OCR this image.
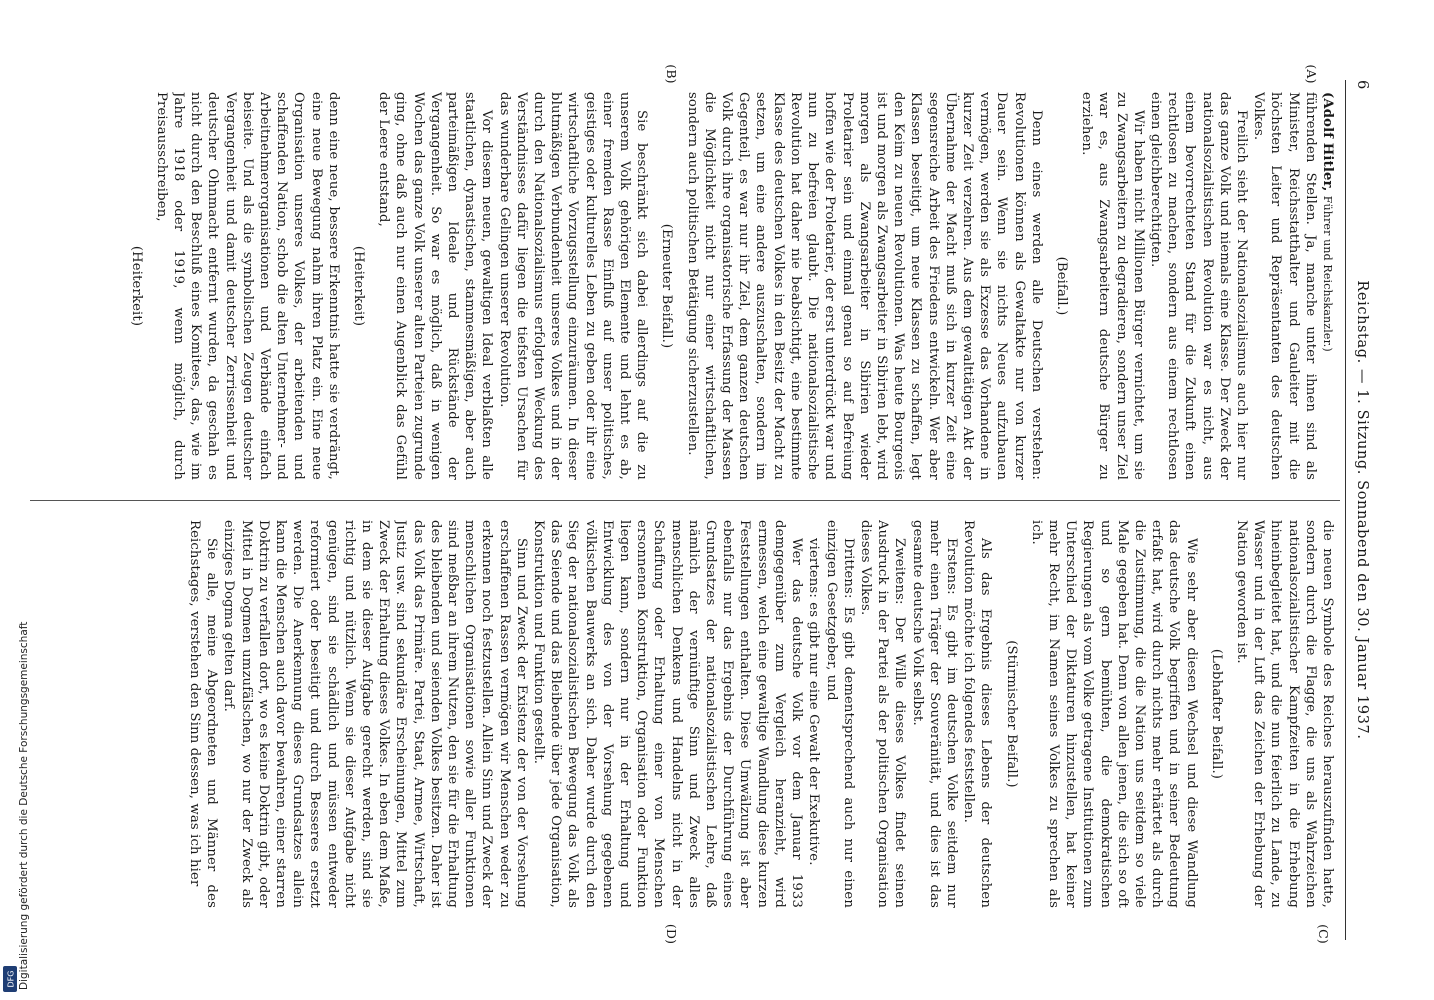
6
Reichstag. — 1. Sitzung. Sonnabend den 30. Januar 1937.
(A)
(B)
(C)
(D)

(Adolf Hitler, Führer und Reichskanzler.)

führenden Stellen. Ja, manche unter ihnen sind als Minister, Reichsstatthalter und Gauleiter mit die höchsten Leiter und Repräsentanten des deutschen Volkes.

Freilich sieht der Nationalsozialismus auch hier nur das ganze Volk und niemals eine Klasse. Der Zweck der nationalsozialistischen Revolution war es nicht, aus einem bevorrechteten Stand für die Zukunft einen rechtlosen zu machen, sondern aus einem rechtlosen einen gleichberechtigten.

Wir haben nicht Millionen Bürger vernichtet, um sie zu Zwangsarbeitern zu degradieren, sondern unser Ziel war es, aus Zwangsarbeitern deutsche Bürger zu erziehen.

(Beifall.)

Denn eines werden alle Deutschen verstehen: Revolutionen können als Gewaltakte nur von kurzer Dauer sein. Wenn sie nichts Neues aufzubauen vermögen, werden sie als Exzesse das Vorhandene in kurzer Zeit verzehren. Aus dem gewalttätigen Akt der Übernahme der Macht muß sich in kurzer Zeit eine segensreiche Arbeit des Friedens entwickeln. Wer aber Klassen beseitigt, um neue Klassen zu schaffen, legt den Keim zu neuen Revolutionen. Was heute Bourgeois ist und morgen als Zwangsarbeiter in Sibirien lebt, wird morgen als Zwangsarbeiter in Sibirien wieder Proletarier sein und einmal genau so auf Befreiung hoffen wie der Proletarier, der erst unterdrückt war und nun zu befreien glaubt. Die nationalsozialistische Revolution hat daher nie beabsichtigt, eine bestimmte Klasse des deutschen Volkes in den Besitz der Macht zu setzen, um eine andere auszuschalten, sondern im Gegenteil, es war nur ihr Ziel, dem ganzen deutschen Volk durch ihre organisatorische Erfassung der Massen die Möglichkeit nicht nur einer wirtschaftlichen, sondern auch politischen Betätigung sicherzustellen.

(Erneuter Beifall.)

Sie beschränkt sich dabei allerdings auf die zu unserem Volk gehörigen Elemente und lehnt es ab, einer fremden Rasse Einfluß auf unser politisches, geistiges oder kulturelles Leben zu geben oder ihr eine wirtschaftliche Vorzugsstellung einzuräumen. In dieser blutmäßigen Verbundenheit unseres Volkes und in der durch den Nationalsozialismus erfolgten Weckung des Verständnisses dafür liegen die tiefsten Ursachen für das wunderbare Gelingen unserer Revolution.

Vor diesem neuen, gewaltigen Ideal verblaßten alle staatlichen, dynastischen, stammesmäßigen, aber auch parteimäßigen Ideale und Rückstände der Vergangenheit. So war es möglich, daß in wenigen Wochen das ganze Volk unserer alten Parteien zugrunde ging, ohne daß auch nur einen Augenblick das Gefühl der Leere entstand,

(Heiterkeit)

denn eine neue, bessere Erkenntnis hatte sie verdrängt, eine neue Bewegung nahm ihren Platz ein. Eine neue Organisation unseres Volkes, der arbeitenden und schaffenden Nation, schob die alten Unternehmer- und Arbeitnehmerorganisationen und Verbände einfach beiseite. Und als die symbolischen Zeugen deutscher Vergangenheit und damit deutscher Zerrissenheit und deutscher Ohnmacht entfernt wurden, da geschah es nicht durch den Beschluß eines Komitees, das, wie im Jahre 1918 oder 1919, wenn möglich, durch Preisausschreiben,

(Heiterkeit)

die neuen Symbole des Reiches herauszufinden hatte, sondern durch die Flagge, die uns als Wahrzeichen nationalsozialistischer Kampfzeiten in die Erhebung hineinbegleitet hat, und die nun feierlich zu Lande, zu Wasser und in der Luft das Zeichen der Erhebung der Nation geworden ist.

(Lebhafter Beifall.)

Wie sehr aber diesen Wechsel und diese Wandlung das deutsche Volk begriffen und in seiner Bedeutung erfaßt hat, wird durch nichts mehr erhärtet als durch die Zustimmung, die die Nation uns seitdem so viele Male gegeben hat. Denn von allen jenen, die sich so oft und so gern bemühten, die demokratischen Regierungen als vom Volke getragene Institutionen zum Unterschied der Diktaturen hinzustellen, hat keiner mehr Recht, im Namen seines Volkes zu sprechen als ich.

(Stürmischer Beifall.)

Als das Ergebnis dieses Lebens der deutschen Revolution möchte ich folgendes feststellen.

Erstens: Es gibt im deutschen Volke seitdem nur mehr einen Träger der Souveränität, und dies ist das gesamte deutsche Volk selbst.

Zweitens: Der Wille dieses Volkes findet seinen Ausdruck in der Partei als der politischen Organisation dieses Volkes.

Drittens: Es gibt dementsprechend auch nur einen einzigen Gesetzgeber, und

viertens: es gibt nur eine Gewalt der Exekutive.

Wer das deutsche Volk vor dem Januar 1933 demgegenüber zum Vergleich heranzieht, wird ermessen, welch eine gewaltige Wandlung diese kurzen Feststellungen enthalten. Diese Umwälzung ist aber ebenfalls nur das Ergebnis der Durchführung eines Grundsatzes der nationalsozialistischen Lehre, daß nämlich der vernünftige Sinn und Zweck alles menschlichen Denkens und Handelns nicht in der Schaffung oder Erhaltung einer von Menschen ersonnenen Konstruktion, Organisation oder Funktion liegen kann, sondern nur in der Erhaltung und Entwicklung des von der Vorsehung gegebenen völkischen Bauwerks an sich. Daher wurde durch den Sieg der nationalsozialistischen Bewegung das Volk als das Seiende und das Bleibende über jede Organisation, Konstruktion und Funktion gestellt.

Sinn und Zweck der Existenz der von der Vorsehung erschaffenen Rassen vermögen wir Menschen weder zu erkennen noch festzustellen. Allein Sinn und Zweck der menschlichen Organisationen sowie aller Funktionen sind meßbar an ihrem Nutzen, den sie für die Erhaltung des bleibenden und seienden Volkes besitzen. Daher ist das Volk das Primäre. Partei, Staat, Armee, Wirtschaft, Justiz usw. sind sekundäre Erscheinungen, Mittel zum Zweck der Erhaltung dieses Volkes. In eben dem Maße, in dem sie dieser Aufgabe gerecht werden, sind sie richtig und nützlich. Wenn sie dieser Aufgabe nicht genügen, sind sie schädlich und müssen entweder reformiert oder beseitigt und durch Besseres ersetzt werden. Die Anerkennung dieses Grundsatzes allein kann die Menschen auch davor bewahren, einer starren Doktrin zu verfallen dort, wo es keine Doktrin gibt, oder Mittel in Dogmen umzufälschen, wo nur der Zweck als einziges Dogma gelten darf.

Sie alle, meine Abgeordneten und Männer des Reichstages, verstehen den Sinn dessen, was ich hier

Digitalisierung gefördert durch die Deutsche Forschungsgemeinschaft
DFG
